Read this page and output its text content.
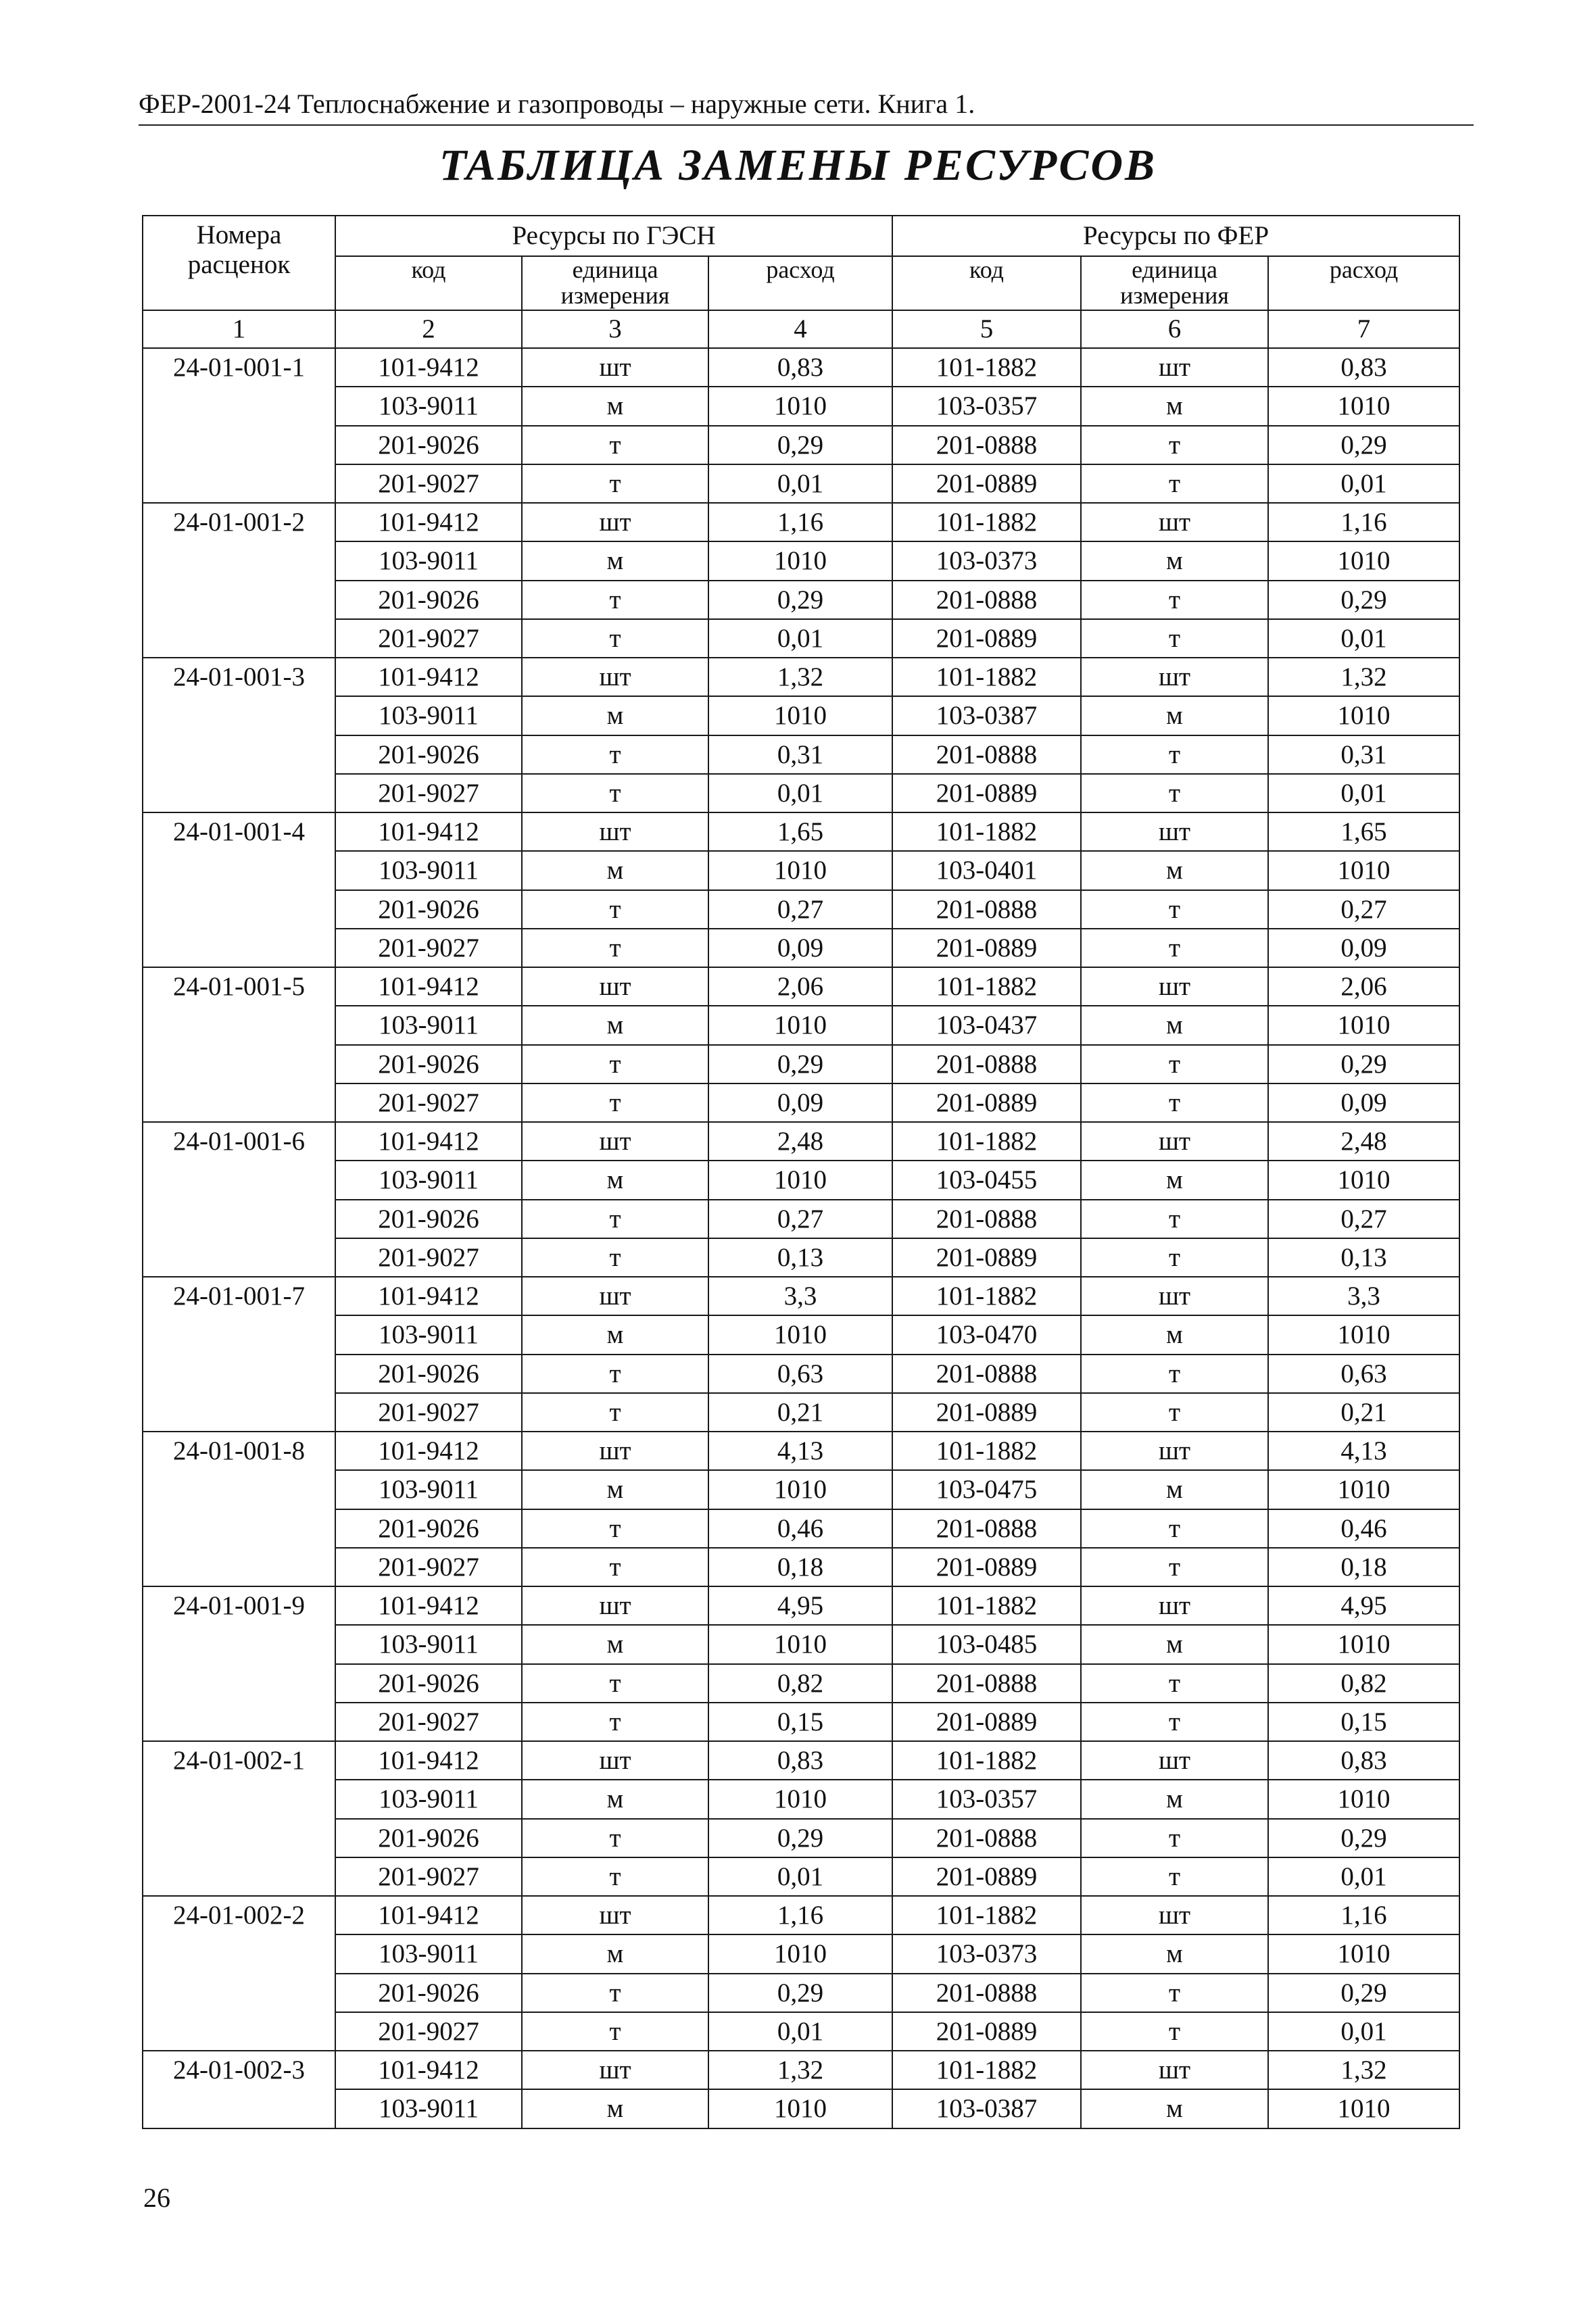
ФЕР-2001-24 Теплоснабжение и газопроводы – наружные сети. Книга 1.
ТАБЛИЦА ЗАМЕНЫ РЕСУРСОВ
Номера расценок	Ресурсы по ГЭСН			Ресурсы по ФЕР		
	код	единица измерения	расход	код	единица измерения	расход
1	2	3	4	5	6	7
24-01-001-1	101-9412	шт	0,83	101-1882	шт	0,83
	103-9011	м	1010	103-0357	м	1010
	201-9026	т	0,29	201-0888	т	0,29
	201-9027	т	0,01	201-0889	т	0,01
24-01-001-2	101-9412	шт	1,16	101-1882	шт	1,16
	103-9011	м	1010	103-0373	м	1010
	201-9026	т	0,29	201-0888	т	0,29
	201-9027	т	0,01	201-0889	т	0,01
24-01-001-3	101-9412	шт	1,32	101-1882	шт	1,32
	103-9011	м	1010	103-0387	м	1010
	201-9026	т	0,31	201-0888	т	0,31
	201-9027	т	0,01	201-0889	т	0,01
24-01-001-4	101-9412	шт	1,65	101-1882	шт	1,65
	103-9011	м	1010	103-0401	м	1010
	201-9026	т	0,27	201-0888	т	0,27
	201-9027	т	0,09	201-0889	т	0,09
24-01-001-5	101-9412	шт	2,06	101-1882	шт	2,06
	103-9011	м	1010	103-0437	м	1010
	201-9026	т	0,29	201-0888	т	0,29
	201-9027	т	0,09	201-0889	т	0,09
24-01-001-6	101-9412	шт	2,48	101-1882	шт	2,48
	103-9011	м	1010	103-0455	м	1010
	201-9026	т	0,27	201-0888	т	0,27
	201-9027	т	0,13	201-0889	т	0,13
24-01-001-7	101-9412	шт	3,3	101-1882	шт	3,3
	103-9011	м	1010	103-0470	м	1010
	201-9026	т	0,63	201-0888	т	0,63
	201-9027	т	0,21	201-0889	т	0,21
24-01-001-8	101-9412	шт	4,13	101-1882	шт	4,13
	103-9011	м	1010	103-0475	м	1010
	201-9026	т	0,46	201-0888	т	0,46
	201-9027	т	0,18	201-0889	т	0,18
24-01-001-9	101-9412	шт	4,95	101-1882	шт	4,95
	103-9011	м	1010	103-0485	м	1010
	201-9026	т	0,82	201-0888	т	0,82
	201-9027	т	0,15	201-0889	т	0,15
24-01-002-1	101-9412	шт	0,83	101-1882	шт	0,83
	103-9011	м	1010	103-0357	м	1010
	201-9026	т	0,29	201-0888	т	0,29
	201-9027	т	0,01	201-0889	т	0,01
24-01-002-2	101-9412	шт	1,16	101-1882	шт	1,16
	103-9011	м	1010	103-0373	м	1010
	201-9026	т	0,29	201-0888	т	0,29
	201-9027	т	0,01	201-0889	т	0,01
24-01-002-3	101-9412	шт	1,32	101-1882	шт	1,32
	103-9011	м	1010	103-0387	м	1010
26
